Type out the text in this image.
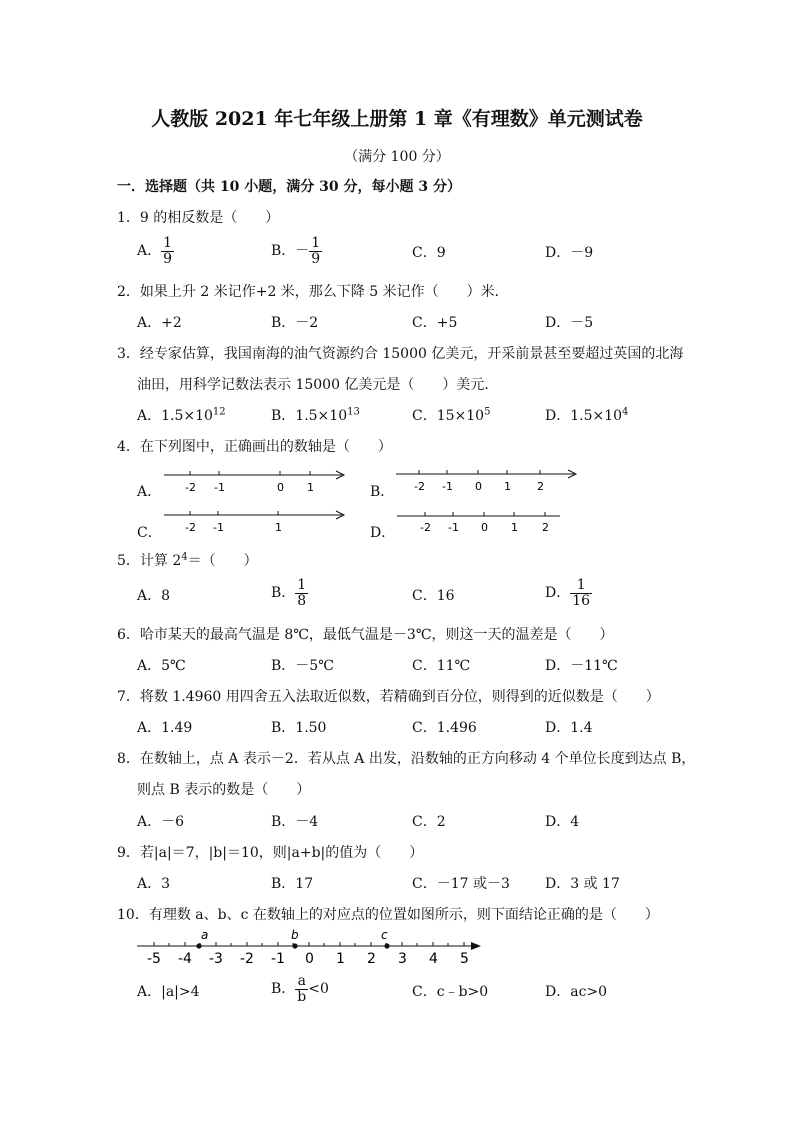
人教版 2021 年七年级上册第 1 章《有理数》单元测试卷
（满分 100 分）
一．选择题（共 10 小题，满分 30 分，每小题 3 分）
1．9 的相反数是（　　）
A． $\frac{1}{9}$	B．－ $\frac{1}{9}$	C．9	D．－9
2．如果上升 2 米记作+2 米，那么下降 5 米记作（　　）米．
A．+2	B．－2	C．+5	D．－5
3．经专家估算，我国南海的油气资源约合 15000 亿美元，开采前景甚至要超过英国的北海
油田，用科学记数法表示 15000 亿美元是（　　）美元．
A．$1.5\times 10^{12}$	B．$1.5\times 10^{13}$	C．$15\times 10^5$	D．$1.5\times 10^4$
4．在下列图中，正确画出的数轴是（　　）
A．	B．
C．	D．
-2 -1	0 1	-2 -1 0 1 2
-2 -1	1	-2 -1 0 1 2
5．计算 $2^4=$（　　）
A．8	B． $\frac{1}{8}$	C．16	D． $\frac{1}{16}$
6．哈市某天的最高气温是 8℃，最低气温是－3℃，则这一天的温差是（　　）
A．5℃	B．－5℃	C．11℃	D．－11℃
7．将数 1.4960 用四舍五入法取近似数，若精确到百分位，则得到的近似数是（　　）
A．1.49	B．1.50	C．1.496	D．1.4
8．在数轴上，点 A 表示－2．若从点 A 出发，沿数轴的正方向移动 4 个单位长度到达点 B，
则点 B 表示的数是（　　）
A．－6	B．－4	C．2	D．4
9．若|a|＝7，|b|＝10，则|a+b|的值为（　　）
A．3	B．17	C．－17 或－3	D．3 或 17
10．有理数 a、b、c 在数轴上的对应点的位置如图所示，则下面结论正确的是（　　）
-5 -4 -3 -2 -1 0 1 2 3 4 5
a	b	c
A．|a|>4	B． $\frac{a}{b} <0$	C．c﹣b>0	D．ac>0
